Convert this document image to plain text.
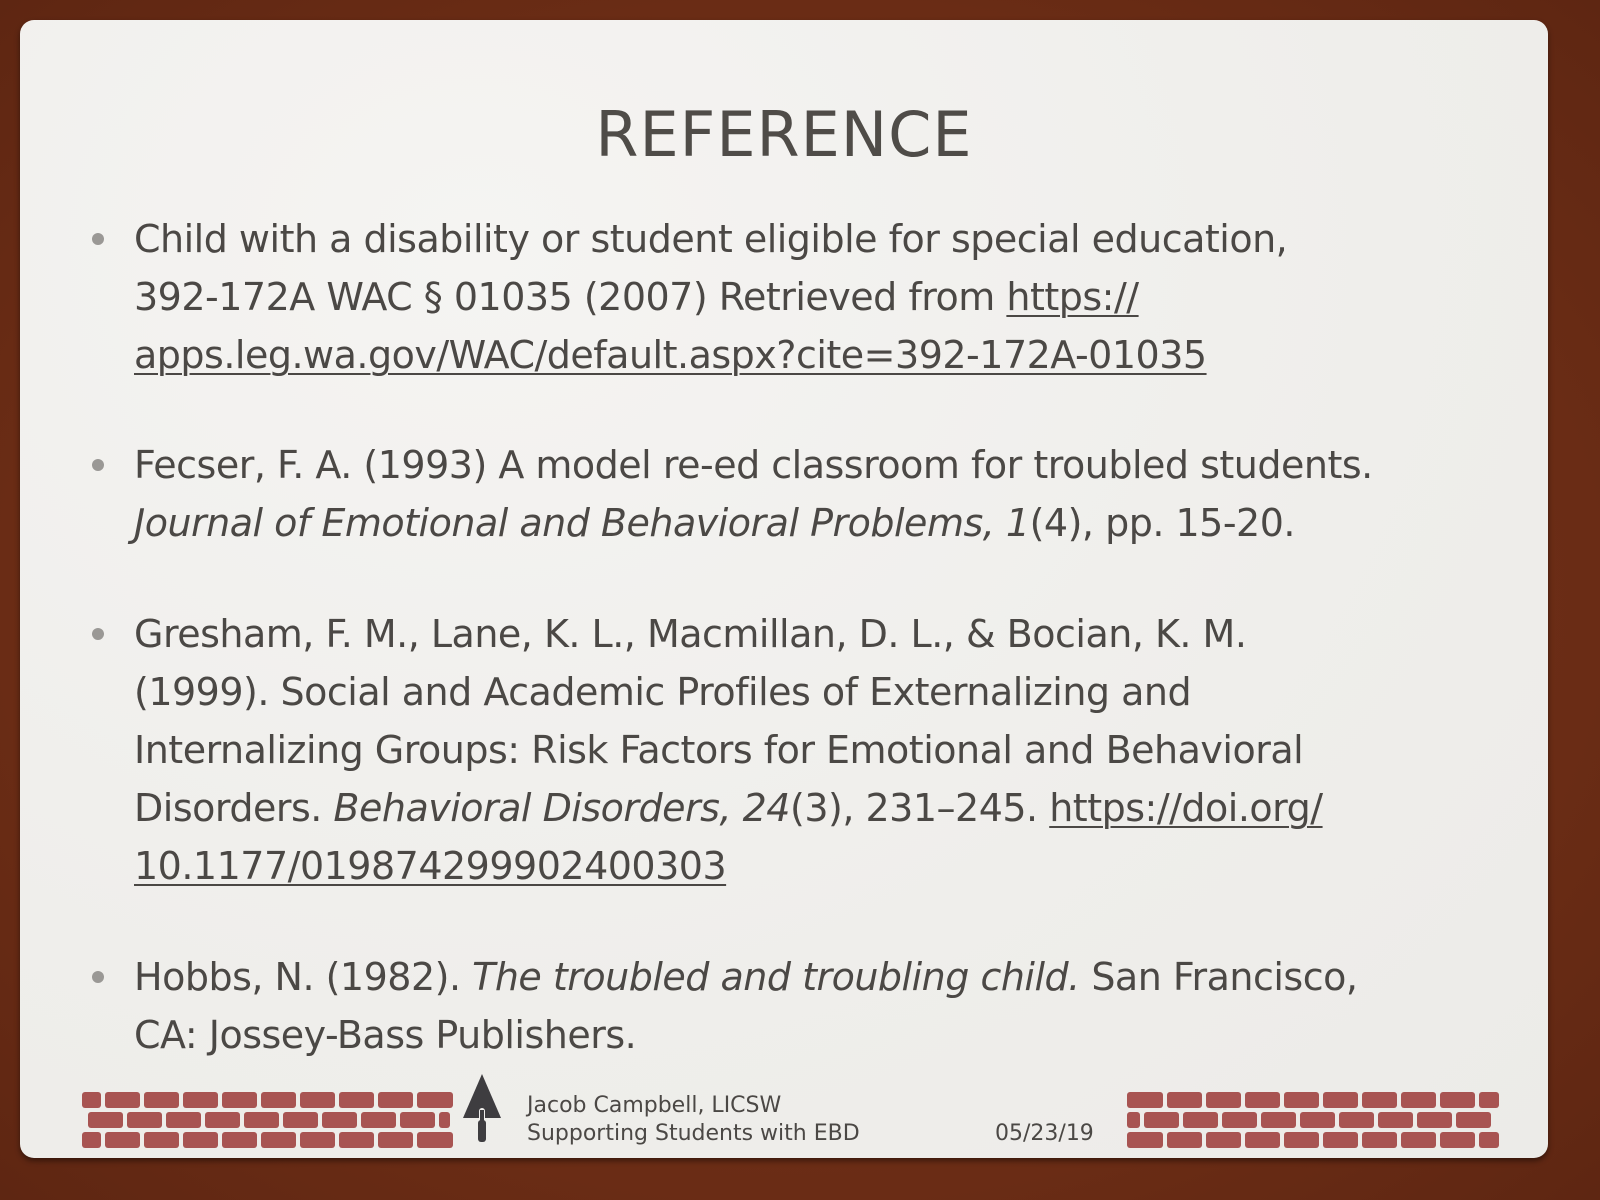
REFERENCE
Child with a disability or student eligible for special education,
392-172A WAC § 01035 (2007) Retrieved from https://
apps.leg.wa.gov/WAC/default.aspx?cite=392-172A-01035
Fecser, F. A. (1993) A model re-ed classroom for troubled students.
Journal of Emotional and Behavioral Problems, 1(4), pp. 15-20.
Gresham, F. M., Lane, K. L., Macmillan, D. L., & Bocian, K. M.
(1999). Social and Academic Profiles of Externalizing and
Internalizing Groups: Risk Factors for Emotional and Behavioral
Disorders. Behavioral Disorders, 24(3), 231–245. https://doi.org/
10.1177/019874299902400303
Hobbs, N. (1982). The troubled and troubling child. San Francisco,
CA: Jossey-Bass Publishers.
Jacob Campbell, LICSW
Supporting Students with EBD	05/23/19
